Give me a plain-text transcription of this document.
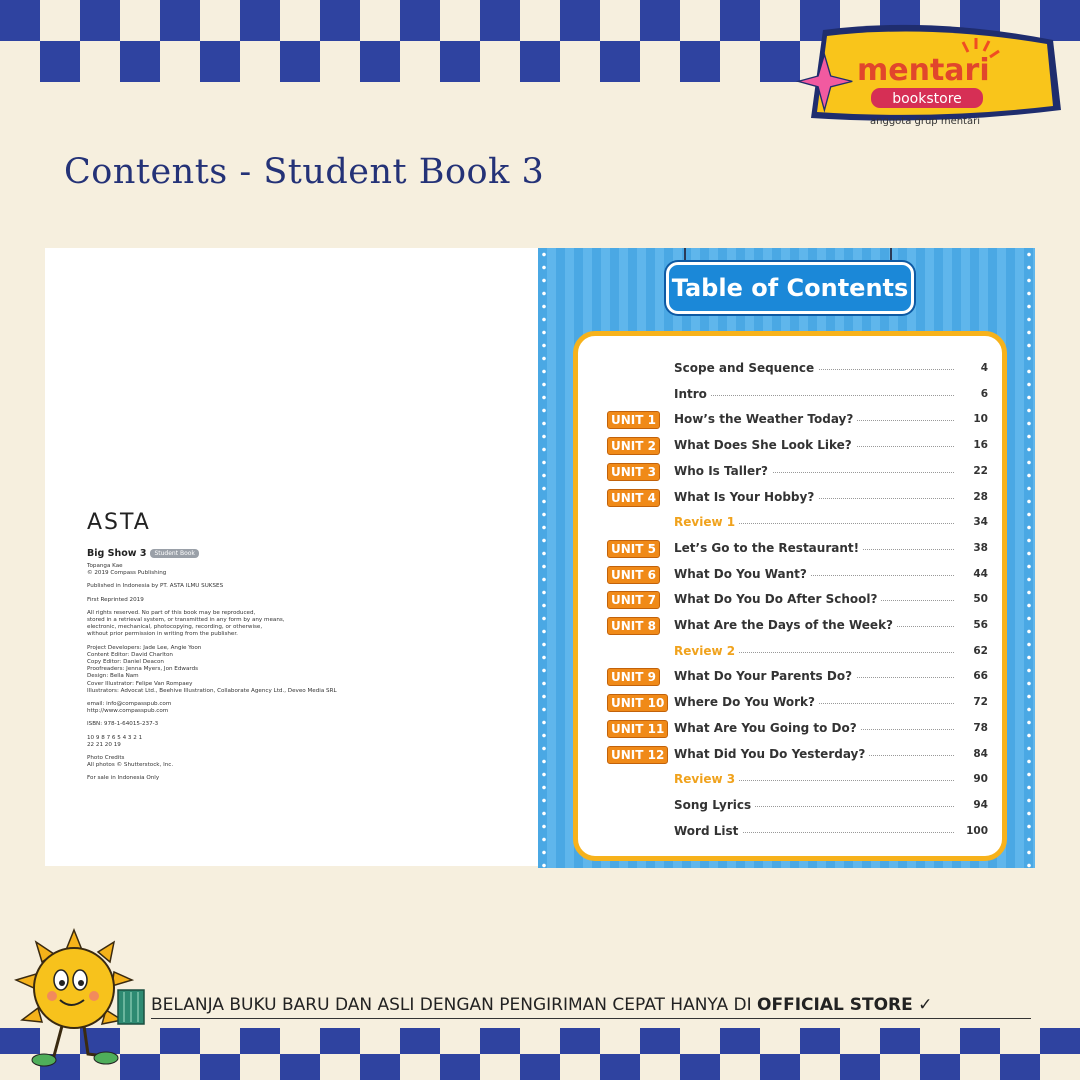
mentari
bookstore
anggota grup mentari
Contents - Student Book 3
ASTA
Big Show 3 Student Book

Topanga Kae
© 2019 Compass Publishing

Published in Indonesia by PT. ASTA ILMU SUKSES

First Reprinted 2019

All rights reserved. No part of this book may be reproduced,
stored in a retrieval system, or transmitted in any form by any means,
electronic, mechanical, photocopying, recording, or otherwise,
without prior permission in writing from the publisher.

Project Developers: Jade Lee, Angie Yoon
Content Editor: David Charlton
Copy Editor: Daniel Deacon
Proofreaders: Jenna Myers, Jon Edwards
Design: Bella Nam
Cover Illustrator: Felipe Van Rompaey
Illustrators: Advocat Ltd., Beehive Illustration, Collaborate Agency Ltd., Deveo Media SRL

email: info@compasspub.com
http://www.compasspub.com

ISBN: 978-1-64015-237-3

10 9 8 7 6 5 4 3 2 1
22 21 20 19

Photo Credits
All photos © Shutterstock, Inc.

For sale in Indonesia Only

Table of Contents
Scope and Sequence	4
Intro	6
UNIT 1	How’s the Weather Today?	10
UNIT 2	What Does She Look Like?	16
UNIT 3	Who Is Taller?	22
UNIT 4	What Is Your Hobby?	28
Review 1	34
UNIT 5	Let’s Go to the Restaurant!	38
UNIT 6	What Do You Want?	44
UNIT 7	What Do You Do After School?	50
UNIT 8	What Are the Days of the Week?	56
Review 2	62
UNIT 9	What Do Your Parents Do?	66
UNIT 10 Where Do You Work?	72
UNIT 11 What Are You Going to Do?	78
UNIT 12 What Did You Do Yesterday?	84
Review 3	90
Song Lyrics	94
Word List	100
BELANJA BUKU BARU DAN ASLI DENGAN PENGIRIMAN CEPAT HANYA DI OFFICIAL STORE ✓
